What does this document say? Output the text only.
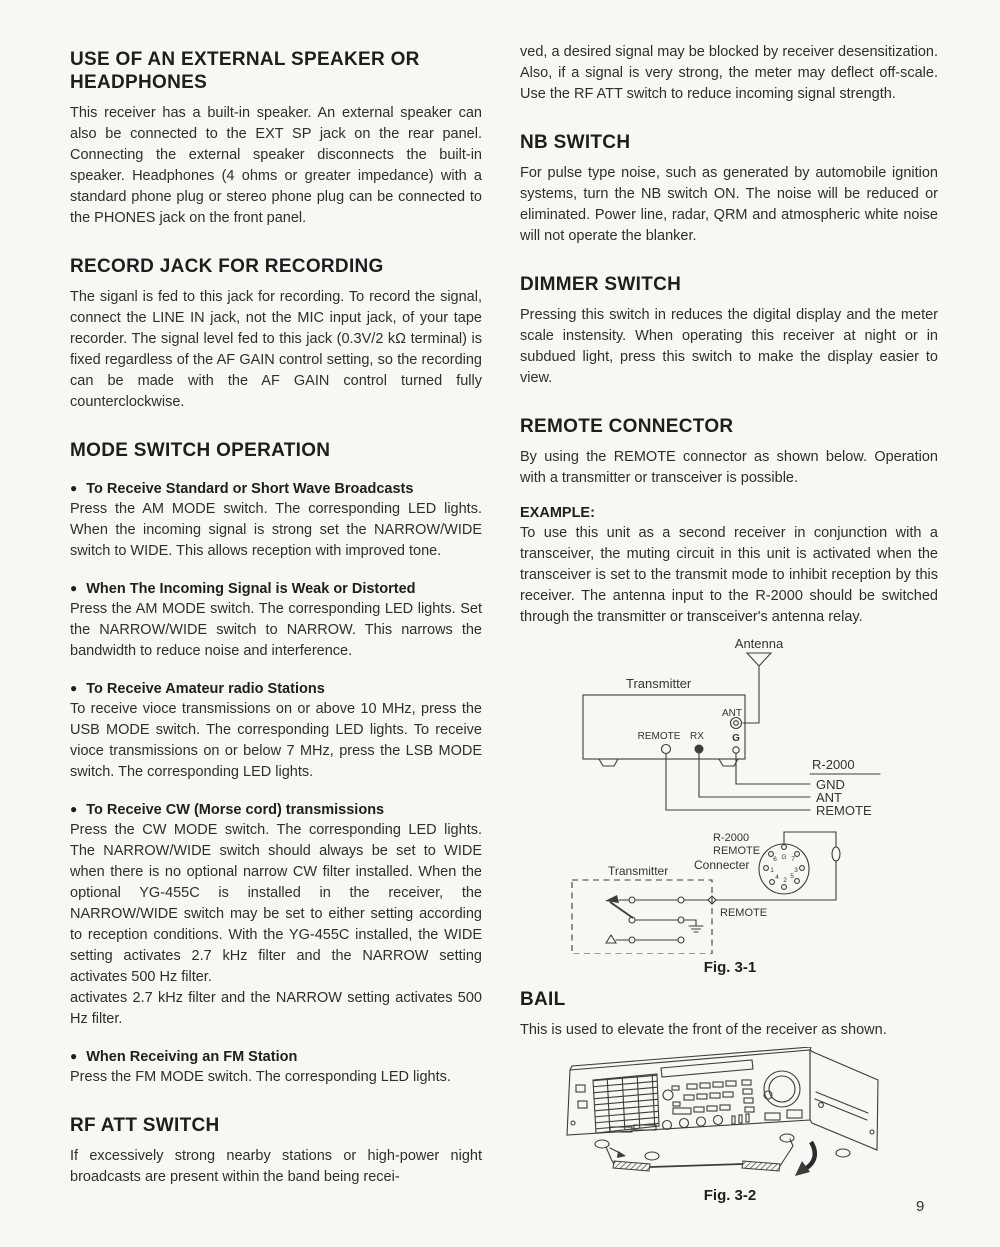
USE OF AN EXTERNAL SPEAKER OR HEADPHONES

This receiver has a built-in speaker. An external speaker can also be connected to the EXT SP jack on the rear panel. Connecting the external speaker disconnects the built-in speaker. Headphones (4 ohms or greater impedance) with a standard phone plug or stereo phone plug can be connected to the PHONES jack on the front panel.

RECORD JACK FOR RECORDING

The siganl is fed to this jack for recording. To record the signal, connect the LINE IN jack, not the MIC input jack, of your tape recorder. The signal level fed to this jack (0.3V/2 kΩ terminal) is fixed regardless of the AF GAIN control setting, so the recording can be made with the AF GAIN control turned fully counterclockwise.

MODE SWITCH OPERATION
● To Receive Standard or Short Wave Broadcasts

Press the AM MODE switch. The corresponding LED lights. When the incoming signal is strong set the NARROW/WIDE switch to WIDE. This allows reception with improved tone.

● When The Incoming Signal is Weak or Distorted

Press the AM MODE switch. The corresponding LED lights. Set the NARROW/WIDE switch to NARROW. This narrows the bandwidth to reduce noise and interference.

● To Receive Amateur radio Stations

To receive vioce transmissions on or above 10 MHz, press the USB MODE switch. The corresponding LED lights. To receive vioce transmissions on or below 7 MHz, press the LSB MODE switch. The corresponding LED lights.

● To Receive CW (Morse cord) transmissions

Press the CW MODE switch. The corresponding LED lights. The NARROW/WIDE switch should always be set to WIDE when there is no optional narrow CW filter installed. When the optional YG-455C is installed in the receiver, the NARROW/WIDE switch may be set to either setting according to reception conditions. With the YG-455C installed, the WIDE setting activates 2.7 kHz filter and the NARROW setting activates 500 Hz filter.

activates 2.7 kHz filter and the NARROW setting activates 500 Hz filter.

● When Receiving an FM Station

Press the FM MODE switch. The corresponding LED lights.

RF ATT SWITCH

If excessively strong nearby stations or high-power night broadcasts are present within the band being recei-

ved, a desired signal may be blocked by receiver desensitization. Also, if a signal is very strong, the meter may deflect off-scale. Use the RF ATT switch to reduce incoming signal strength.

NB SWITCH

For pulse type noise, such as generated by automobile ignition systems, turn the NB switch ON. The noise will be reduced or eliminated. Power line, radar, QRM and atmospheric white noise will not operate the blanker.

DIMMER SWITCH

Pressing this switch in reduces the digital display and the meter scale instensity. When operating this receiver at night or in subdued light, press this switch to make the display easier to view.

REMOTE CONNECTOR

By using the REMOTE connector as shown below. Operation with a transmitter or transceiver is possible.

EXAMPLE:

To use this unit as a second receiver in conjunction with a transceiver, the muting circuit in this unit is activated when the transceiver is set to the transmit mode to inhibit reception by this receiver. The antenna input to the R-2000 should be switched through the transmitter or transceiver's antenna relay.

Antenna
Transmitter
ANT
REMOTE RX	G
R-2000
GND
ANT
REMOTE
R-2000
REMOTE
Connecter	6 G 7
1	3
4 2
5
Transmitter
REMOTE
Fig. 3-1
BAIL

This is used to elevate the front of the receiver as shown.

Fig. 3-2
9
